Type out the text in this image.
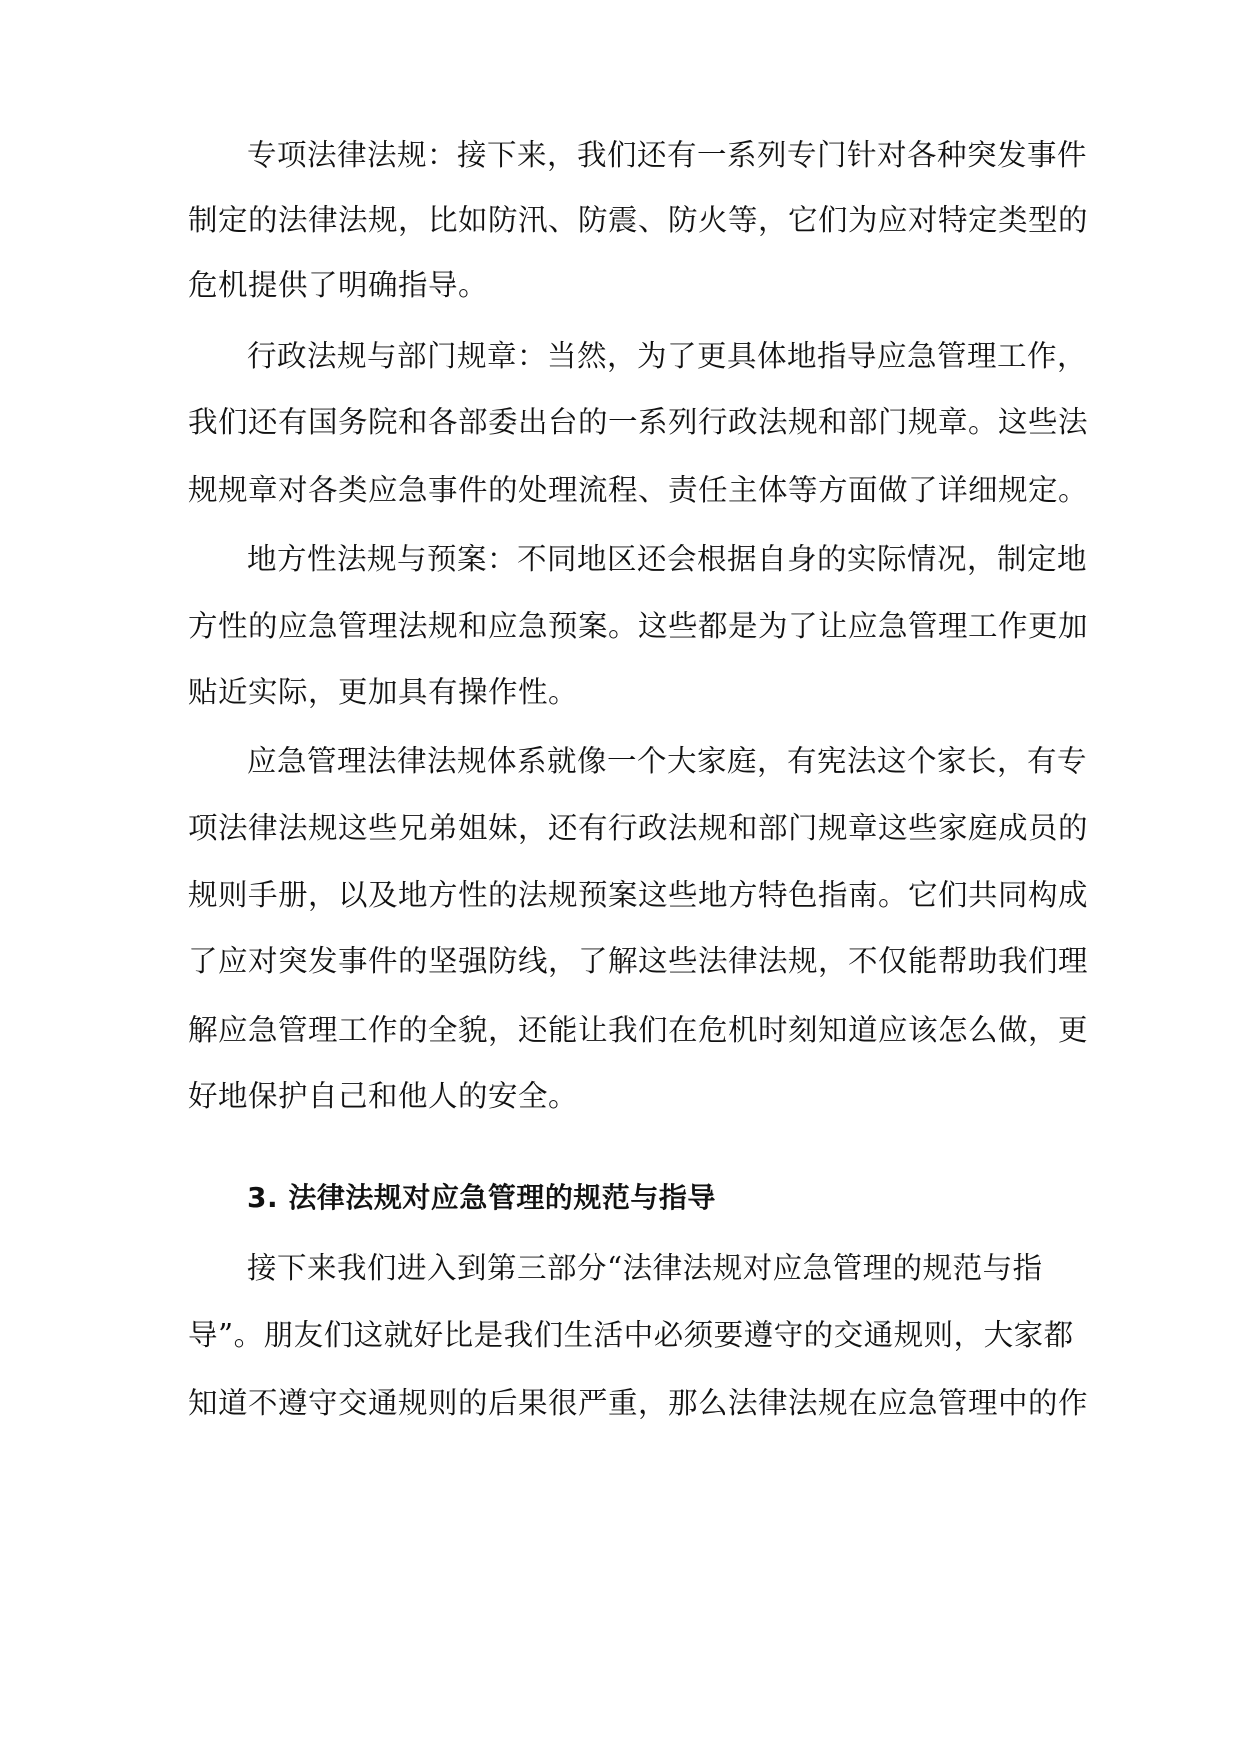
专项法律法规：接下来，我们还有一系列专门针对各种突发事件
制定的法律法规，比如防汛、防震、防火等，它们为应对特定类型的
危机提供了明确指导。
行政法规与部门规章：当然，为了更具体地指导应急管理工作，
我们还有国务院和各部委出台的一系列行政法规和部门规章。这些法
规规章对各类应急事件的处理流程、责任主体等方面做了详细规定。
地方性法规与预案：不同地区还会根据自身的实际情况，制定地
方性的应急管理法规和应急预案。这些都是为了让应急管理工作更加
贴近实际，更加具有操作性。
应急管理法律法规体系就像一个大家庭，有宪法这个家长，有专
项法律法规这些兄弟姐妹，还有行政法规和部门规章这些家庭成员的
规则手册，以及地方性的法规预案这些地方特色指南。它们共同构成
了应对突发事件的坚强防线，了解这些法律法规，不仅能帮助我们理
解应急管理工作的全貌，还能让我们在危机时刻知道应该怎么做，更
好地保护自己和他人的安全。
3. 法律法规对应急管理的规范与指导
接下来我们进入到第三部分“法律法规对应急管理的规范与指
导”。朋友们这就好比是我们生活中必须要遵守的交通规则，大家都
知道不遵守交通规则的后果很严重，那么法律法规在应急管理中的作
